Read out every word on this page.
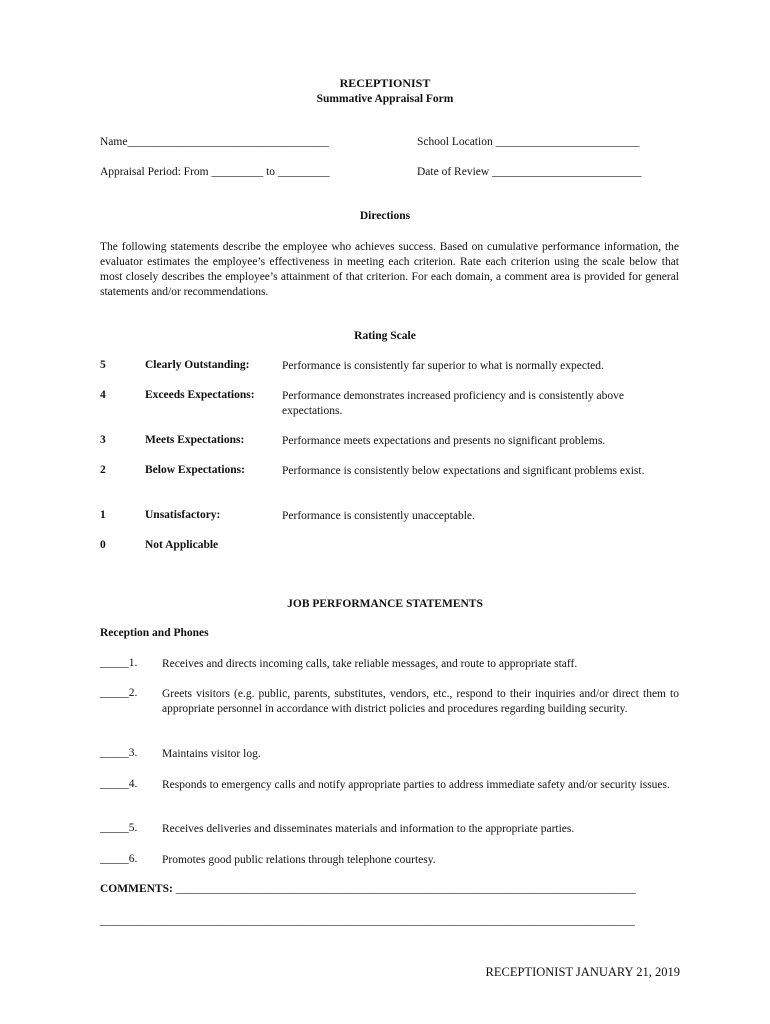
RECEPTIONIST
Summative Appraisal Form
Name___________________________________	School Location _________________________
Appraisal Period: From _________ to _________	Date of Review __________________________
Directions
The following statements describe the employee who achieves success. Based on cumulative performance information, the evaluator estimates the employee’s effectiveness in meeting each criterion. Rate each criterion using the scale below that most closely describes the employee’s attainment of that criterion. For each domain, a comment area is provided for general statements and/or recommendations.
Rating Scale
5	Clearly Outstanding:	Performance is consistently far superior to what is normally expected.
4	Exceeds Expectations: Performance demonstrates increased proficiency and is consistently above expectations.
3	Meets Expectations:	Performance meets expectations and presents no significant problems.
2	Below Expectations:	Performance is consistently below expectations and significant problems exist.
1	Unsatisfactory:	Performance is consistently unacceptable.
0	Not Applicable
JOB PERFORMANCE STATEMENTS
Reception and Phones
_____1. Receives and directs incoming calls, take reliable messages, and route to appropriate staff.
_____2. Greets visitors (e.g. public, parents, substitutes, vendors, etc., respond to their inquiries and/or direct them to appropriate personnel in accordance with district policies and procedures regarding building security.
_____3. Maintains visitor log.
_____4. Responds to emergency calls and notify appropriate parties to address immediate safety and/or security issues.
_____5. Receives deliveries and disseminates materials and information to the appropriate parties.
_____6. Promotes good public relations through telephone courtesy.
COMMENTS: ________________________________________________________________________________
_____________________________________________________________________________________________
RECEPTIONIST JANUARY 21, 2019
